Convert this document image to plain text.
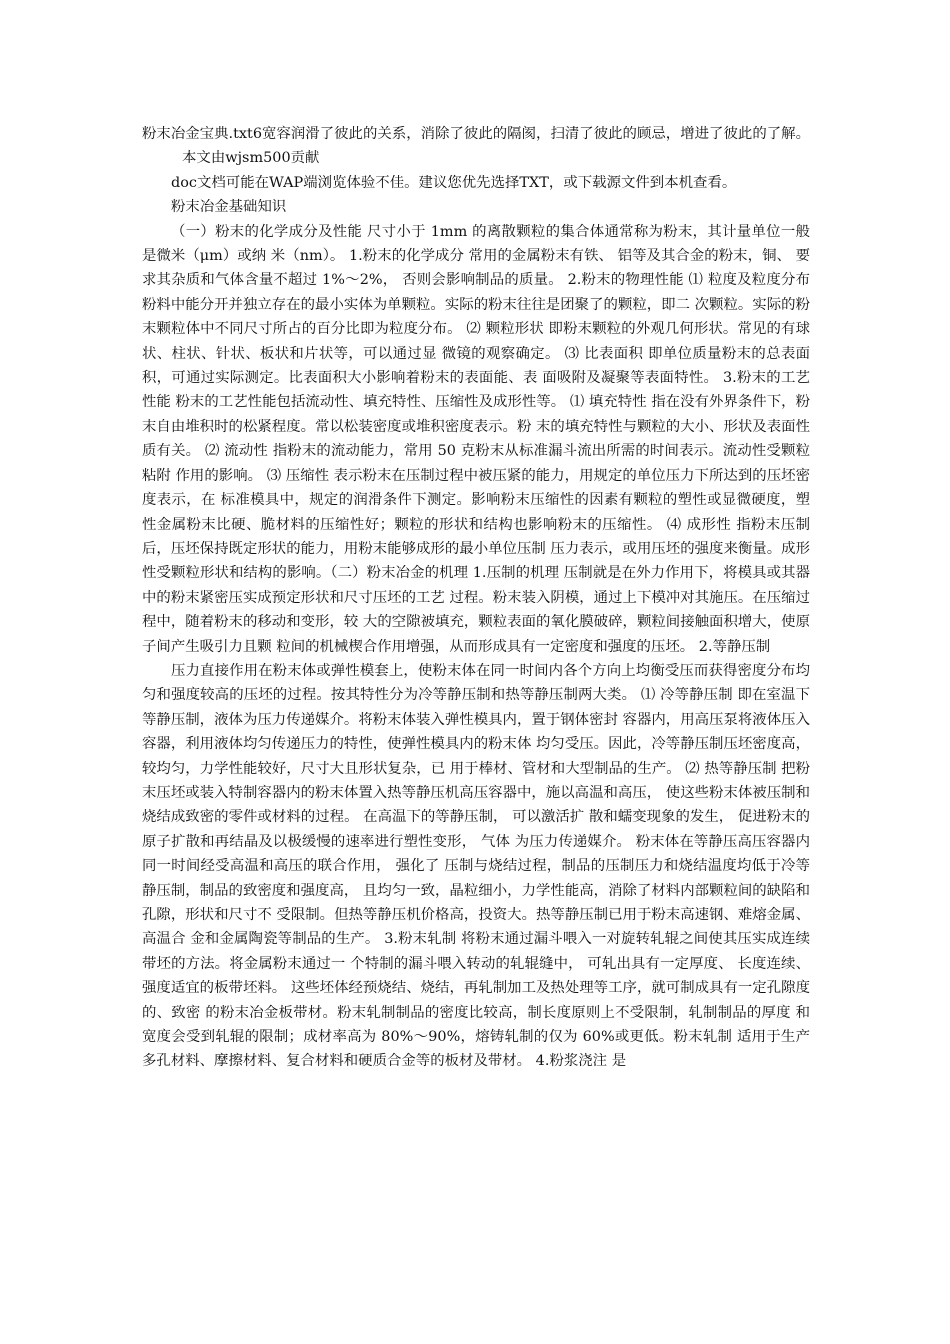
粉末冶金宝典.txt6宽容润滑了彼此的关系，消除了彼此的隔阂，扫清了彼此的顾忌，增进了彼此的了解。本文由wjsm500贡献

doc文档可能在WAP端浏览体验不佳。建议您优先选择TXT，或下载源文件到本机查看。

粉末冶金基础知识

（一）粉末的化学成分及性能 尺寸小于 1mm 的离散颗粒的集合体通常称为粉末，其计量单位一般是微米（μm）或纳 米（nm）。 1.粉末的化学成分 常用的金属粉末有铁、 铝等及其合金的粉末，铜、 要求其杂质和气体含量不超过 1%～2%， 否则会影响制品的质量。 2.粉末的物理性能 ⑴ 粒度及粒度分布 粉料中能分开并独立存在的最小实体为单颗粒。实际的粉末往往是团聚了的颗粒，即二 次颗粒。实际的粉末颗粒体中不同尺寸所占的百分比即为粒度分布。 ⑵ 颗粒形状 即粉末颗粒的外观几何形状。常见的有球状、柱状、针状、板状和片状等，可以通过显 微镜的观察确定。 ⑶ 比表面积 即单位质量粉末的总表面积，可通过实际测定。比表面积大小影响着粉末的表面能、表 面吸附及凝聚等表面特性。 3.粉末的工艺性能 粉末的工艺性能包括流动性、填充特性、压缩性及成形性等。 ⑴ 填充特性 指在没有外界条件下，粉末自由堆积时的松紧程度。常以松装密度或堆积密度表示。粉 末的填充特性与颗粒的大小、形状及表面性质有关。 ⑵ 流动性 指粉末的流动能力，常用 50 克粉末从标准漏斗流出所需的时间表示。流动性受颗粒粘附 作用的影响。 ⑶ 压缩性 表示粉末在压制过程中被压紧的能力，用规定的单位压力下所达到的压坯密度表示，在 标准模具中，规定的润滑条件下测定。影响粉末压缩性的因素有颗粒的塑性或显微硬度，塑 性金属粉末比硬、脆材料的压缩性好；颗粒的形状和结构也影响粉末的压缩性。 ⑷ 成形性 指粉末压制后，压坯保持既定形状的能力，用粉末能够成形的最小单位压制 压力表示，或用压坯的强度来衡量。成形性受颗粒形状和结构的影响。（二）粉末冶金的机理 1.压制的机理 压制就是在外力作用下，将模具或其器中的粉末紧密压实成预定形状和尺寸压坯的工艺 过程。粉末装入阴模，通过上下模冲对其施压。在压缩过程中，随着粉末的移动和变形，较 大的空隙被填充，颗粒表面的氧化膜破碎，颗粒间接触面积增大，使原子间产生吸引力且颗 粒间的机械楔合作用增强，从而形成具有一定密度和强度的压坯。 2.等静压制

压力直接作用在粉末体或弹性模套上，使粉末体在同一时间内各个方向上均衡受压而获得密度分布均匀和强度较高的压坯的过程。按其特性分为冷等静压制和热等静压制两大类。 ⑴ 冷等静压制 即在室温下等静压制，液体为压力传递媒介。将粉末体装入弹性模具内，置于钢体密封 容器内，用高压泵将液体压入容器，利用液体均匀传递压力的特性，使弹性模具内的粉末体 均匀受压。因此，冷等静压制压坯密度高，较均匀，力学性能较好，尺寸大且形状复杂，已 用于棒材、管材和大型制品的生产。 ⑵ 热等静压制 把粉末压坯或装入特制容器内的粉末体置入热等静压机高压容器中，施以高温和高压， 使这些粉末体被压制和烧结成致密的零件或材料的过程。 在高温下的等静压制， 可以激活扩 散和蠕变现象的发生， 促进粉末的原子扩散和再结晶及以极缓慢的速率进行塑性变形， 气体 为压力传递媒介。 粉末体在等静压高压容器内同一时间经受高温和高压的联合作用， 强化了 压制与烧结过程，制品的压制压力和烧结温度均低于冷等静压制，制品的致密度和强度高， 且均匀一致，晶粒细小，力学性能高，消除了材料内部颗粒间的缺陷和孔隙，形状和尺寸不 受限制。但热等静压机价格高，投资大。热等静压制已用于粉末高速钢、难熔金属、高温合 金和金属陶瓷等制品的生产。 3.粉末轧制 将粉末通过漏斗喂入一对旋转轧辊之间使其压实成连续带坯的方法。将金属粉末通过一 个特制的漏斗喂入转动的轧辊缝中， 可轧出具有一定厚度、 长度连续、 强度适宜的板带坯料。 这些坯体经预烧结、烧结，再轧制加工及热处理等工序，就可制成具有一定孔隙度的、致密 的粉末冶金板带材。粉末轧制制品的密度比较高，制长度原则上不受限制，轧制制品的厚度 和宽度会受到轧辊的限制；成材率高为 80%～90%，熔铸轧制的仅为 60%或更低。粉末轧制 适用于生产多孔材料、摩擦材料、复合材料和硬质合金等的板材及带材。 4.粉浆浇注 是
